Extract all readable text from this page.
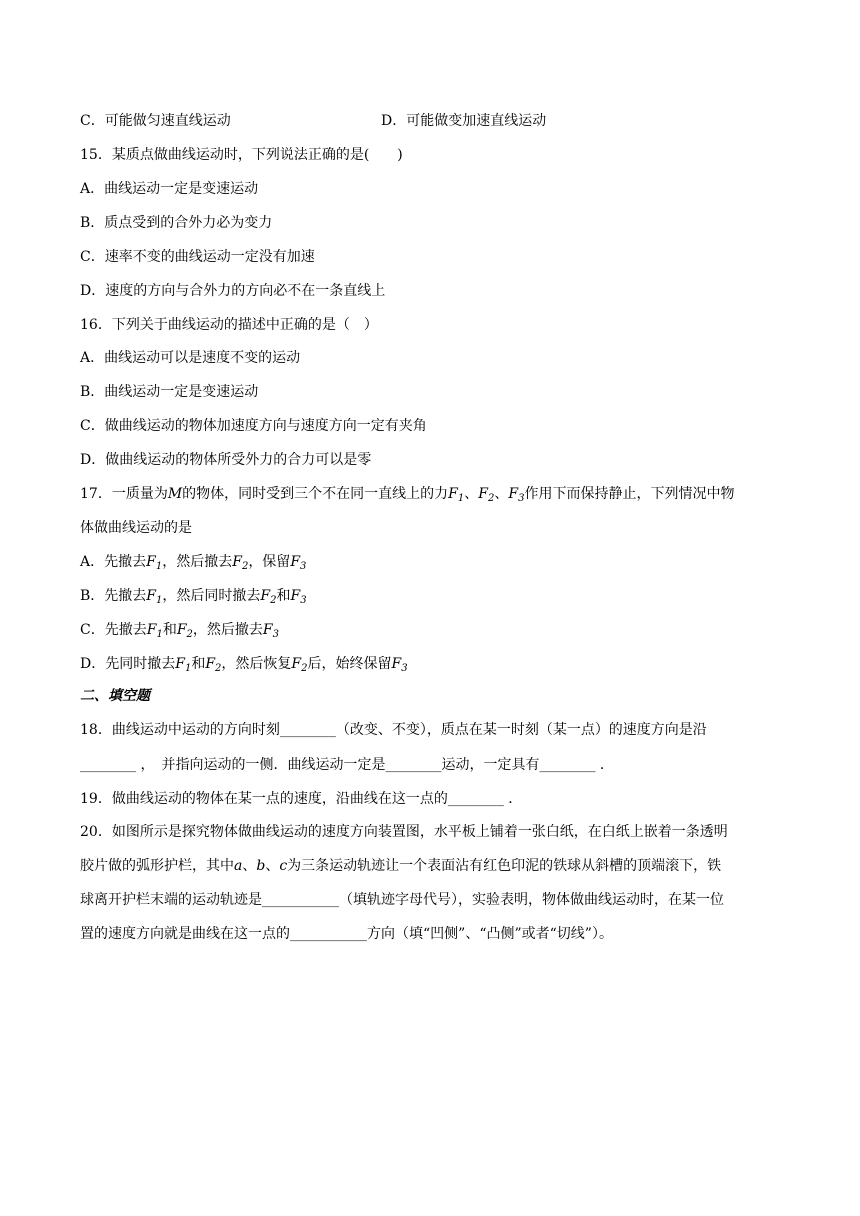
C．可能做匀速直线运动	D．可能做变加速直线运动
15．某质点做曲线运动时，下列说法正确的是(　　)
A．曲线运动一定是变速运动
B．质点受到的合外力必为变力
C．速率不变的曲线运动一定没有加速
D．速度的方向与合外力的方向必不在一条直线上
16．下列关于曲线运动的描述中正确的是（　）
A．曲线运动可以是速度不变的运动
B．曲线运动一定是变速运动
C．做曲线运动的物体加速度方向与速度方向一定有夹角
D．做曲线运动的物体所受外力的合力可以是零
17．一质量为M的物体，同时受到三个不在同一直线上的力$F_1$、$F_2$、$F_3$作用下而保持静止，下列情况中物
体做曲线运动的是
A．先撤去$F_1$，然后撤去$F_2$，保留$F_3$
B．先撤去$F_1$，然后同时撤去$F_2$和$F_3$
C．先撤去$F_1$和$F_2$，然后撤去$F_3$
D．先同时撤去$F_1$和$F_2$，然后恢复$F_2$后，始终保留$F_3$
二、填空题
18．曲线运动中运动的方向时刻________（改变、不变），质点在某一时刻（某一点）的速度方向是沿
________ ，　并指向运动的一侧．曲线运动一定是________运动，一定具有________ ．
19．做曲线运动的物体在某一点的速度，沿曲线在这一点的________ ．
20．如图所示是探究物体做曲线运动的速度方向装置图，水平板上铺着一张白纸，在白纸上嵌着一条透明
胶片做的弧形护栏，其中a、b、c为三条运动轨迹让一个表面沾有红色印泥的铁球从斜槽的顶端滚下，铁
球离开护栏末端的运动轨迹是___________（填轨迹字母代号），实验表明，物体做曲线运动时，在某一位
置的速度方向就是曲线在这一点的___________方向（填“凹侧”、“凸侧”或者“切线”）。
